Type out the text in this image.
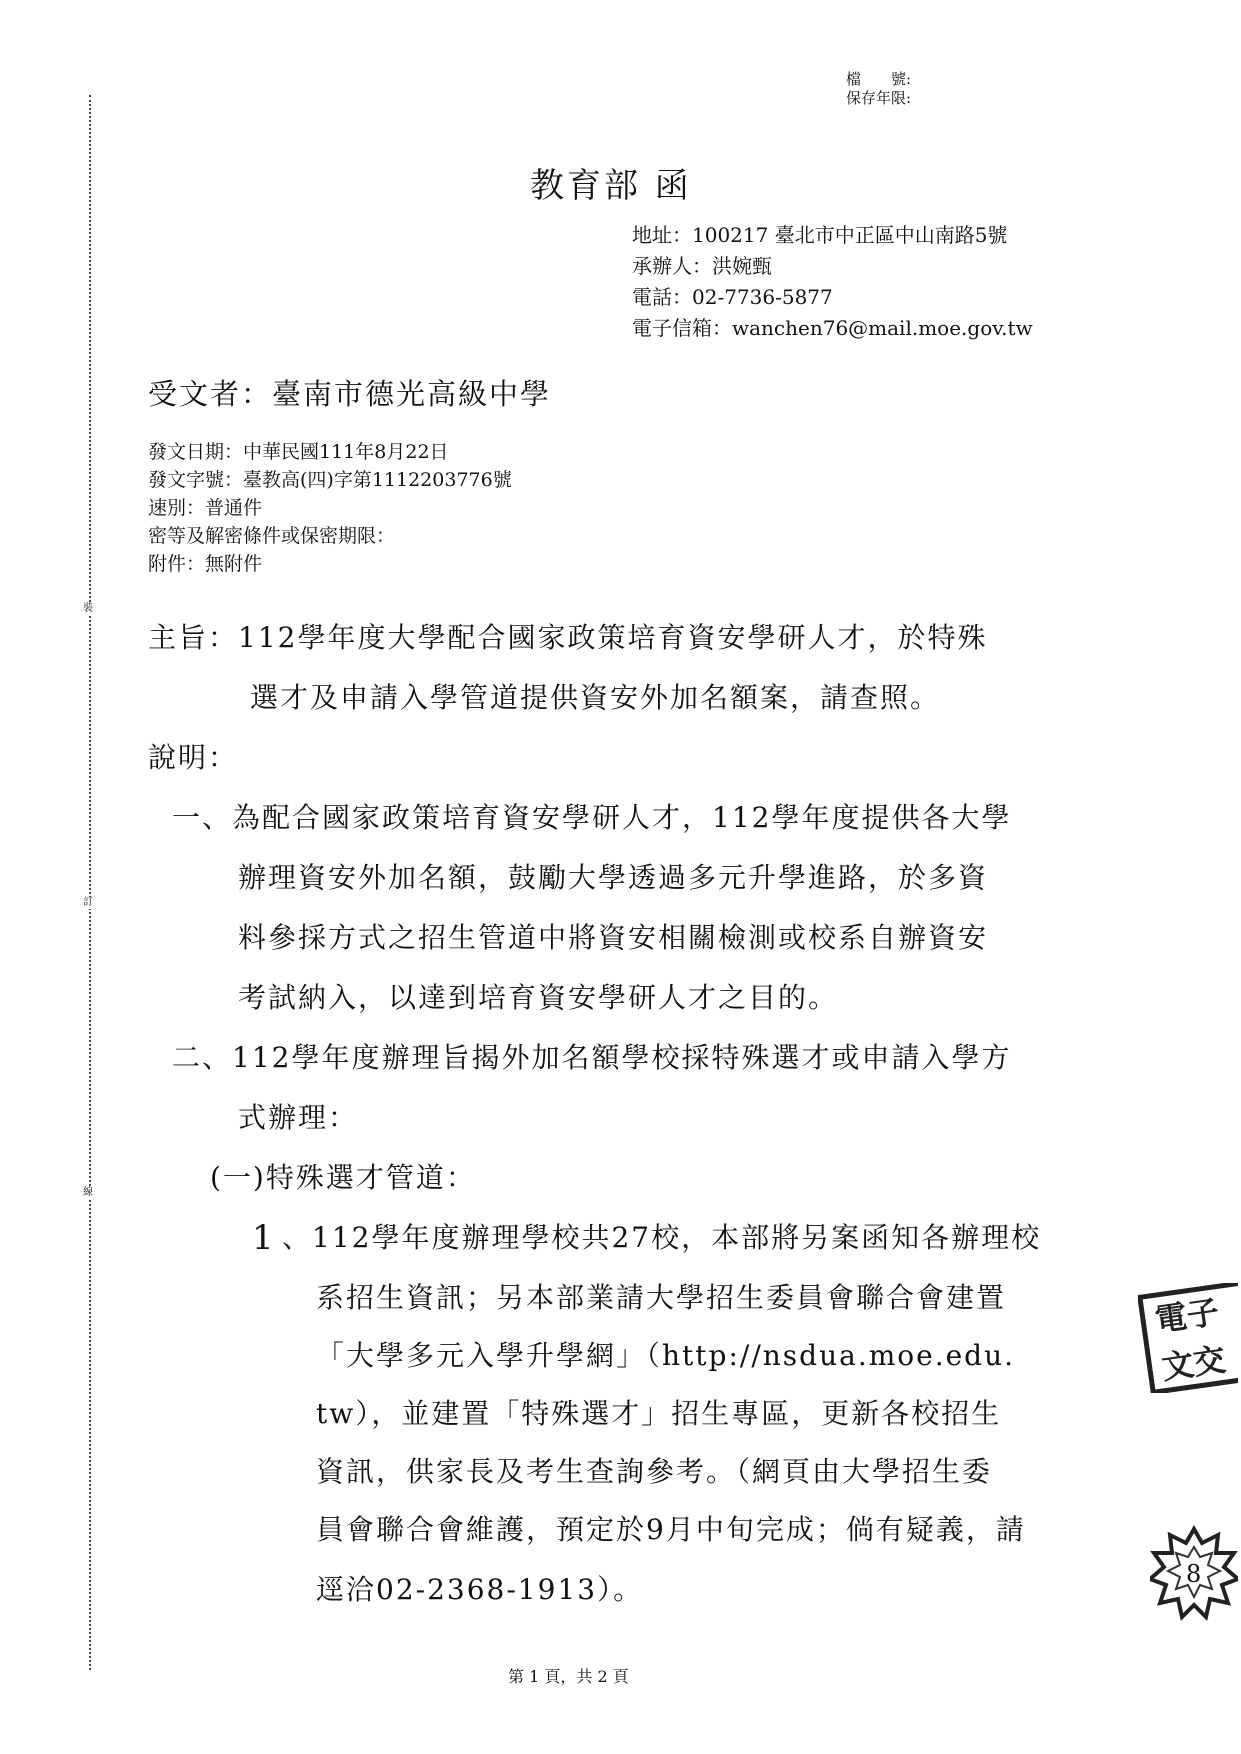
裝
訂
線
檔　　號:
保存年限:
教育部 函
地址：100217 臺北市中正區中山南路5號
承辦人：洪婉甄
電話：02-7736-5877
電子信箱：wanchen76@mail.moe.gov.tw
受文者：臺南市德光高級中學
發文日期：中華民國111年8月22日
發文字號：臺教高(四)字第1112203776號
速別：普通件
密等及解密條件或保密期限：
附件：無附件
主旨：112學年度大學配合國家政策培育資安學研人才，於特殊
選才及申請入學管道提供資安外加名額案，請查照。
說明：
一、為配合國家政策培育資安學研人才，112學年度提供各大學
辦理資安外加名額，鼓勵大學透過多元升學進路，於多資
料參採方式之招生管道中將資安相關檢測或校系自辦資安
考試納入，以達到培育資安學研人才之目的。
二、112學年度辦理旨揭外加名額學校採特殊選才或申請入學方
式辦理：
(一)特殊選才管道：
1 、112學年度辦理學校共27校，本部將另案函知各辦理校
系招生資訊；另本部業請大學招生委員會聯合會建置
「大學多元入學升學網」（http://nsdua.moe.edu.
tw），並建置「特殊選才」招生專區，更新各校招生
資訊，供家長及考生查詢參考。（網頁由大學招生委
員會聯合會維護，預定於9月中旬完成；倘有疑義，請
逕洽02-2368-1913）。
電子
文交
8
第 1 頁，共 2 頁
